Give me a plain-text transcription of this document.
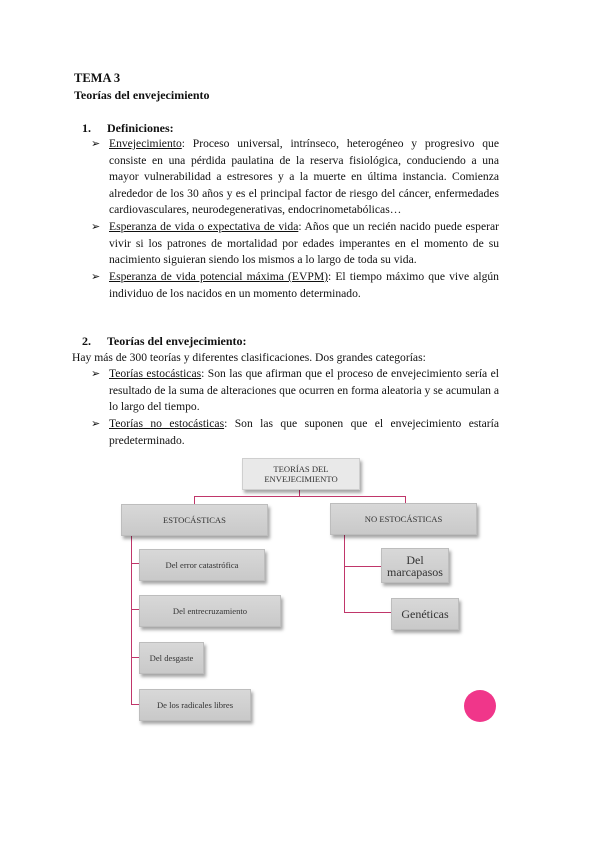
TEMA 3
Teorías del envejecimiento
1. Definiciones:
➢ Envejecimiento: Proceso universal, intrínseco, heterogéneo y progresivo que consiste en una pérdida paulatina de la reserva fisiológica, conduciendo a una mayor vulnerabilidad a estresores y a la muerte en última instancia. Comienza alrededor de los 30 años y es el principal factor de riesgo del cáncer, enfermedades cardiovasculares, neurodegenerativas, endocrinometabólicas…
➢ Esperanza de vida o expectativa de vida: Años que un recién nacido puede esperar vivir si los patrones de mortalidad por edades imperantes en el momento de su nacimiento siguieran siendo los mismos a lo largo de toda su vida.
➢ Esperanza de vida potencial máxima (EVPM): El tiempo máximo que vive algún individuo de los nacidos en un momento determinado.
2. Teorías del envejecimiento:
Hay más de 300 teorías y diferentes clasificaciones. Dos grandes categorías:
➢ Teorías estocásticas: Son las que afirman que el proceso de envejecimiento sería el resultado de la suma de alteraciones que ocurren en forma aleatoria y se acumulan a lo largo del tiempo.
➢ Teorías no estocásticas: Son las que suponen que el envejecimiento estaría predeterminado.
TEORÍAS DEL ENVEJECIMIENTO
ESTOCÁSTICAS	NO ESTOCÁSTICAS
Del error catastrófica
Del entrecruzamiento
Del desgaste
De los radicales libres
Del marcapasos
Genéticas
